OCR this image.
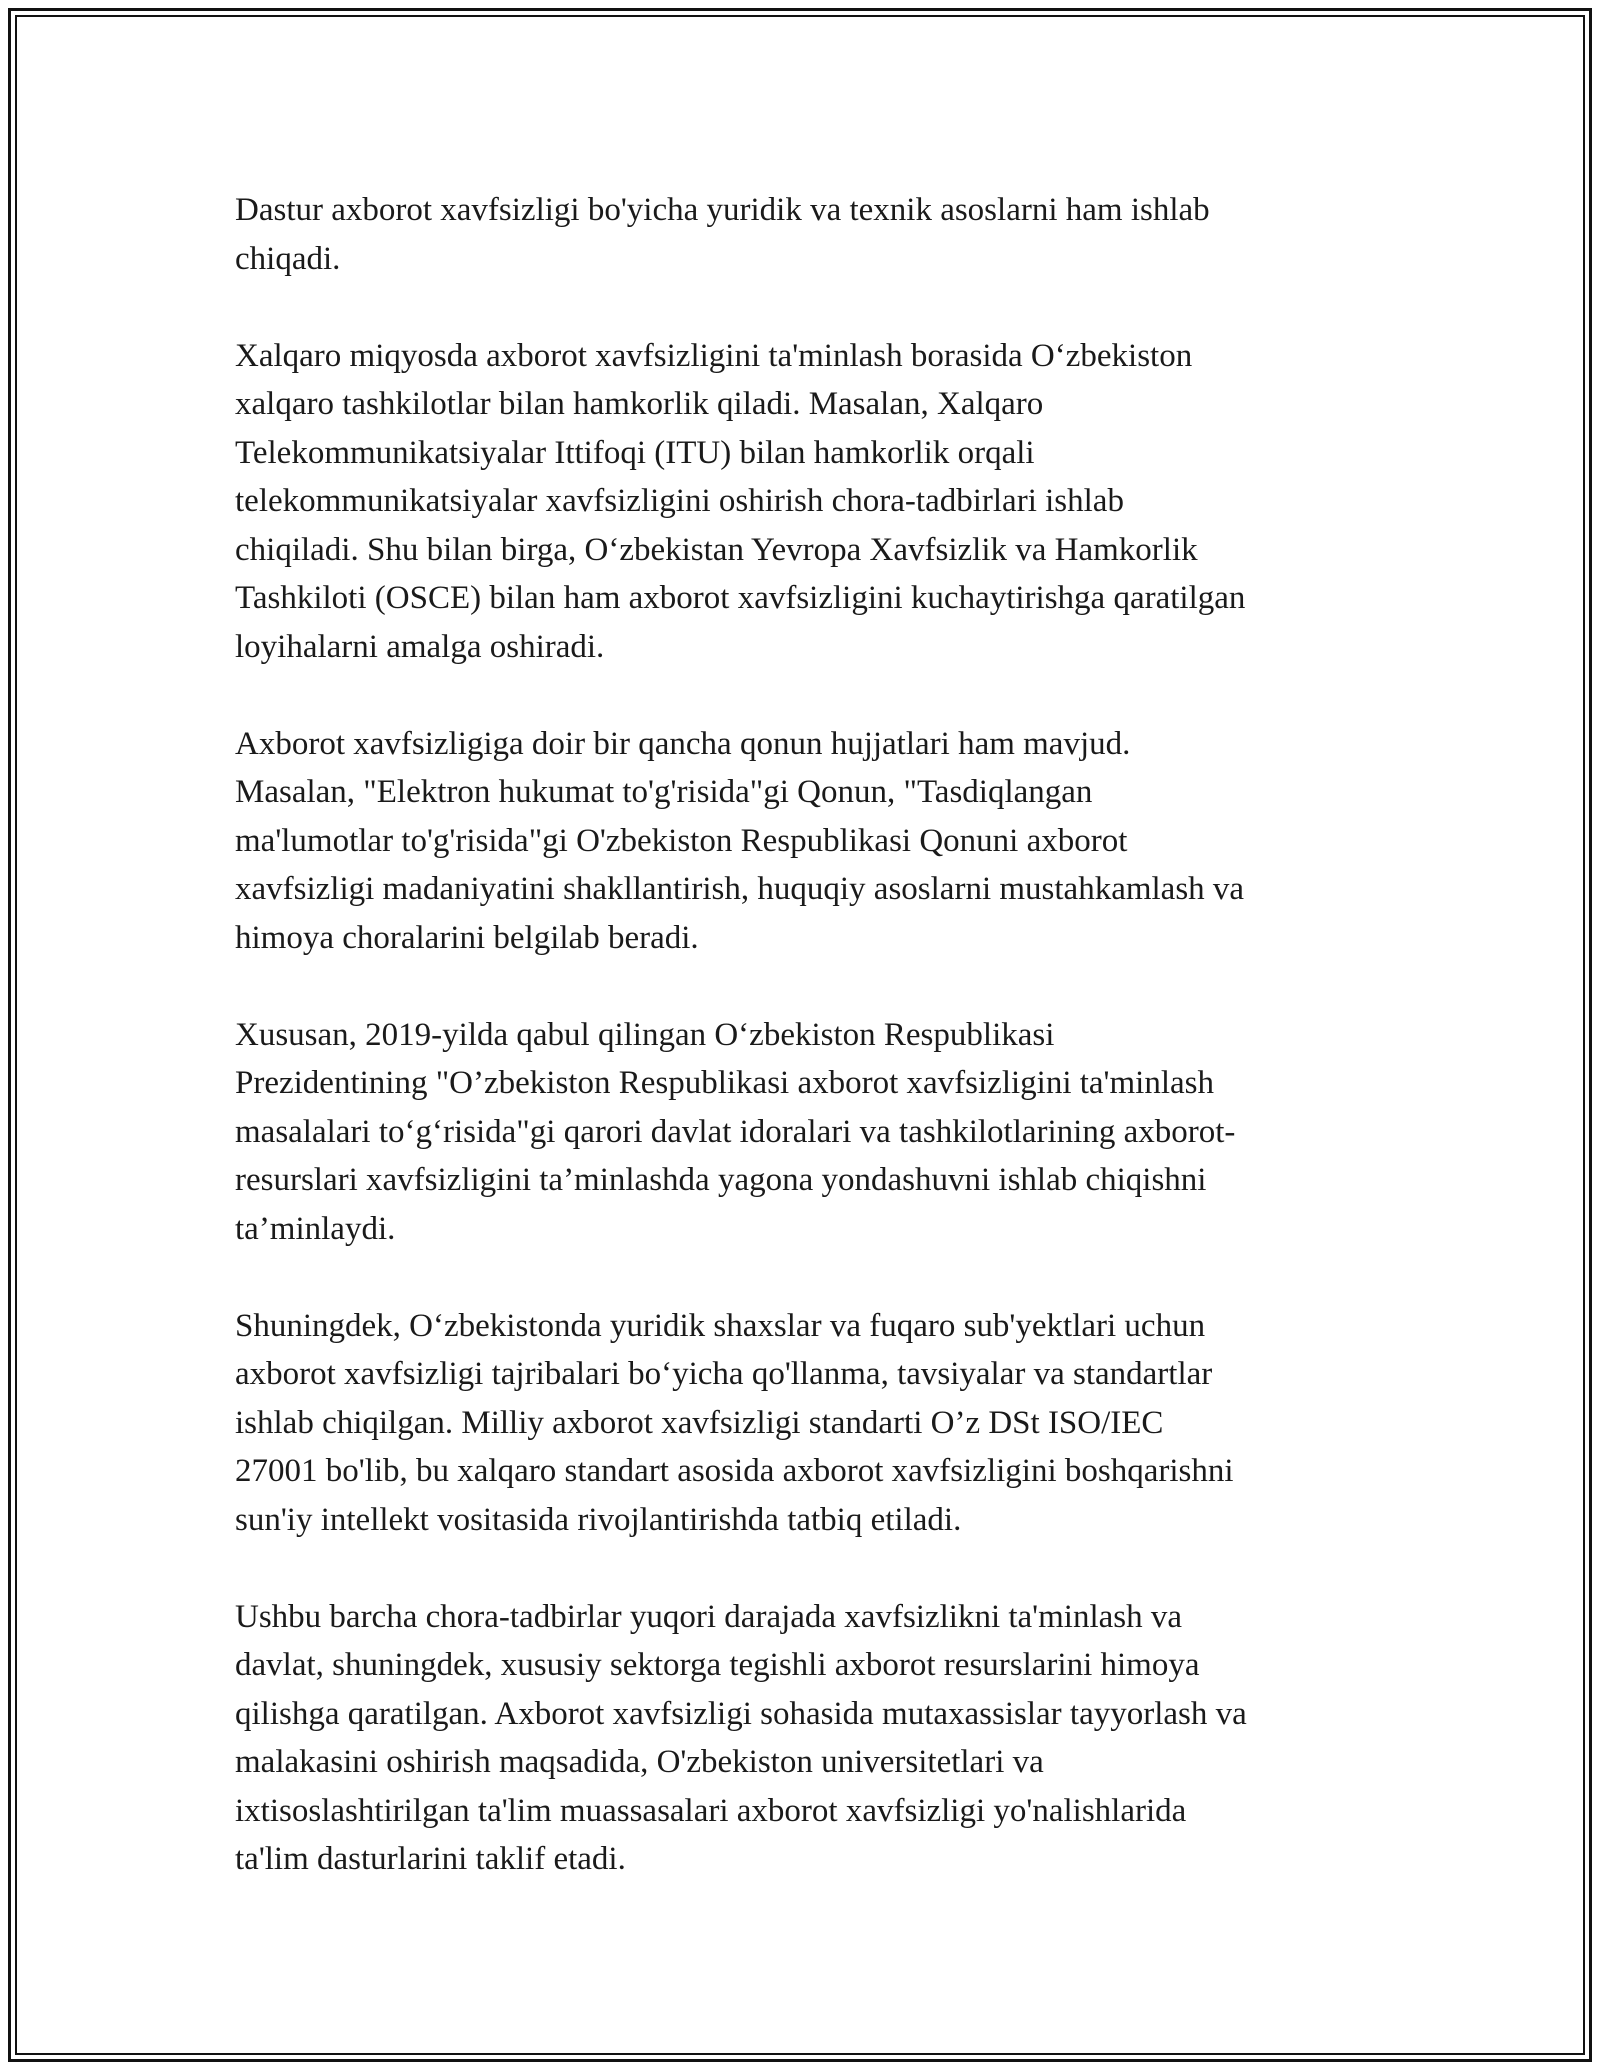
Dastur axborot xavfsizligi bo'yicha yuridik va texnik asoslarni ham ishlab
chiqadi.
Xalqaro miqyosda axborot xavfsizligini ta'minlash borasida O‘zbekiston
xalqaro tashkilotlar bilan hamkorlik qiladi. Masalan, Xalqaro
Telekommunikatsiyalar Ittifoqi (ITU) bilan hamkorlik orqali
telekommunikatsiyalar xavfsizligini oshirish chora-tadbirlari ishlab
chiqiladi. Shu bilan birga, O‘zbekistan Yevropa Xavfsizlik va Hamkorlik
Tashkiloti (OSCE) bilan ham axborot xavfsizligini kuchaytirishga qaratilgan
loyihalarni amalga oshiradi.
Axborot xavfsizligiga doir bir qancha qonun hujjatlari ham mavjud.
Masalan, "Elektron hukumat to'g'risida"gi Qonun, "Tasdiqlangan
ma'lumotlar to'g'risida"gi O'zbekiston Respublikasi Qonuni axborot
xavfsizligi madaniyatini shakllantirish, huquqiy asoslarni mustahkamlash va
himoya choralarini belgilab beradi.
Xususan, 2019-yilda qabul qilingan O‘zbekiston Respublikasi
Prezidentining "O’zbekiston Respublikasi axborot xavfsizligini ta'minlash
masalalari to‘g‘risida"gi qarori davlat idoralari va tashkilotlarining axborot-
resurslari xavfsizligini ta’minlashda yagona yondashuvni ishlab chiqishni
ta’minlaydi.
Shuningdek, O‘zbekistonda yuridik shaxslar va fuqaro sub'yektlari uchun
axborot xavfsizligi tajribalari bo‘yicha qo'llanma, tavsiyalar va standartlar
ishlab chiqilgan. Milliy axborot xavfsizligi standarti O’z DSt ISO/IEC
27001 bo'lib, bu xalqaro standart asosida axborot xavfsizligini boshqarishni
sun'iy intellekt vositasida rivojlantirishda tatbiq etiladi.
Ushbu barcha chora-tadbirlar yuqori darajada xavfsizlikni ta'minlash va
davlat, shuningdek, xususiy sektorga tegishli axborot resurslarini himoya
qilishga qaratilgan. Axborot xavfsizligi sohasida mutaxassislar tayyorlash va
malakasini oshirish maqsadida, O'zbekiston universitetlari va
ixtisoslashtirilgan ta'lim muassasalari axborot xavfsizligi yo'nalishlarida
ta'lim dasturlarini taklif etadi.
